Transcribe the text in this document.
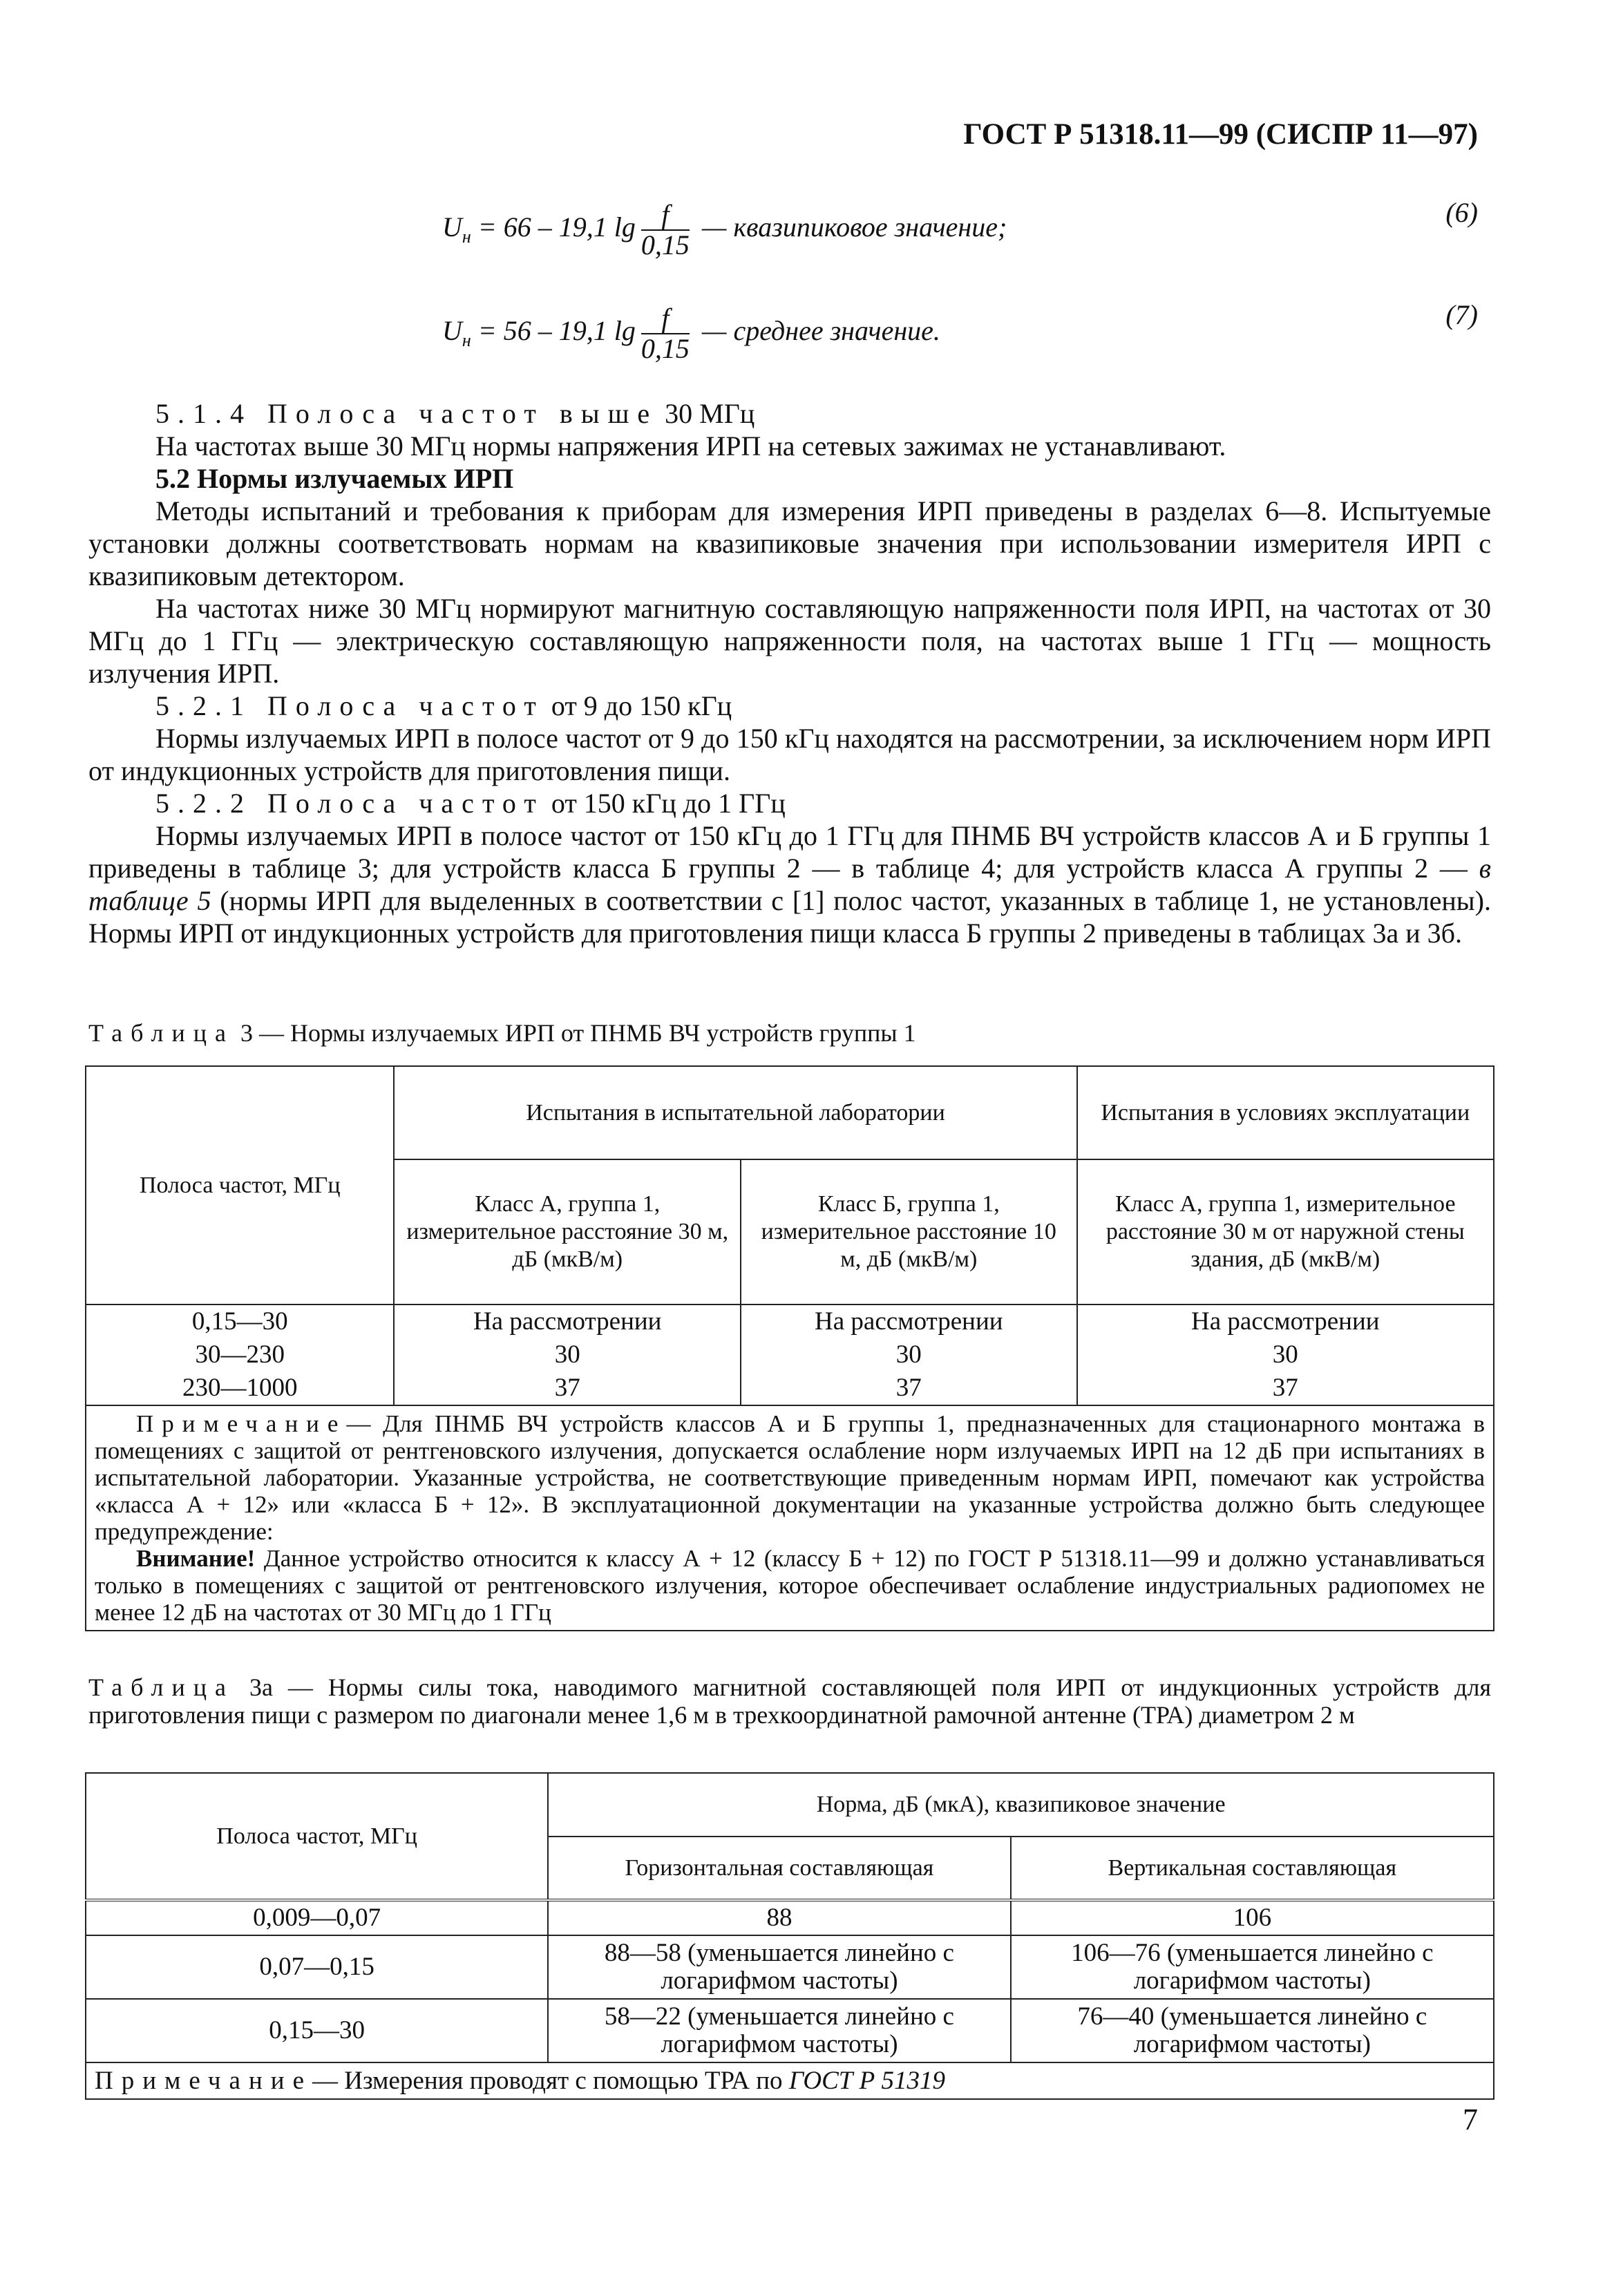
ГОСТ Р 51318.11—99 (СИСПР 11—97)
$U_н = 66 - 19,1$ $\lg \frac{f}{0,15}$ — квазипиковое значение;	(6)
$U_н = 56 - 19,1$ $\lg \frac{f}{0,15}$ — среднее значение.
(7)

5.1.4 Полоса частот выше 30 МГц

На частотах выше 30 МГц нормы напряжения ИРП на сетевых зажимах не устанавливают.

5.2 Нормы излучаемых ИРП

Методы испытаний и требования к приборам для измерения ИРП приведены в разделах 6—8. Испытуемые установки должны соответствовать нормам на квазипиковые значения при использовании измерителя ИРП с квазипиковым детектором.

На частотах ниже 30 МГц нормируют магнитную составляющую напряженности поля ИРП, на частотах от 30 МГц до 1 ГГц — электрическую составляющую напряженности поля, на частотах выше 1 ГГц — мощность излучения ИРП.

5.2.1 Полоса частот от 9 до 150 кГц

Нормы излучаемых ИРП в полосе частот от 9 до 150 кГц находятся на рассмотрении, за исключением норм ИРП от индукционных устройств для приготовления пищи.

5.2.2 Полоса частот от 150 кГц до 1 ГГц

Нормы излучаемых ИРП в полосе частот от 150 кГц до 1 ГГц для ПНМБ ВЧ устройств классов А и Б группы 1 приведены в таблице 3; для устройств класса Б группы 2 — в таблице 4; для устройств класса А группы 2 — в таблице 5 (нормы ИРП для выделенных в соответствии с [1] полос частот, указанных в таблице 1, не установлены). Нормы ИРП от индукционных устройств для приготовления пищи класса Б группы 2 приведены в таблицах 3а и 3б.

Таблица 3 — Нормы излучаемых ИРП от ПНМБ ВЧ устройств группы 1
Полоса частот, МГц	Испытания в испытательной лаборатории		Испытания в условиях эксплуатации
	Класс А, группа 1, измерительное расстояние 30 м, дБ (мкВ/м)	Класс Б, группа 1, измерительное расстояние 10 м, дБ (мкВ/м)	Класс А, группа 1, измерительное расстояние 30 м от наружной стены здания, дБ (мкВ/м)
0,15—30	На рассмотрении	На рассмотрении	На рассмотрении
30—230	30	30	30
230—1000	37	37	37

Примечание— Для ПНМБ ВЧ устройств классов А и Б группы 1, предназначенных для стационарного монтажа в помещениях с защитой от рентгеновского излучения, допускается ослабление норм излучаемых ИРП на 12 дБ при испытаниях в испытательной лаборатории. Указанные устройства, не соответствующие приведенным нормам ИРП, помечают как устройства «класса А + 12» или «класса Б + 12». В эксплуатационной документации на указанные устройства должно быть следующее предупреждение:
Внимание! Данное устройство относится к классу А + 12 (классу Б + 12) по ГОСТ Р 51318.11—99 и должно устанавливаться только в помещениях с защитой от рентгеновского излучения, которое обеспечивает ослабление индустриальных радиопомех не менее 12 дБ на частотах от 30 МГц до 1 ГГц			
Таблица 3а — Нормы силы тока, наводимого магнитной составляющей поля ИРП от индукционных устройств для приготовления пищи с размером по диагонали менее 1,6 м в трехкоординатной рамочной антенне (ТРА) диаметром 2 м
Полоса частот, МГц	Норма, дБ (мкА), квазипиковое значение	
	Горизонтальная составляющая	Вертикальная составляющая
0,009—0,07	88	106
0,07—0,15	88—58 (уменьшается линейно с логарифмом частоты)	106—76 (уменьшается линейно с логарифмом частоты)
0,15—30	58—22 (уменьшается линейно с логарифмом частоты)	76—40 (уменьшается линейно с логарифмом частоты)
Примечание— Измерения проводят с помощью ТРА по ГОСТ Р 51319		
7
